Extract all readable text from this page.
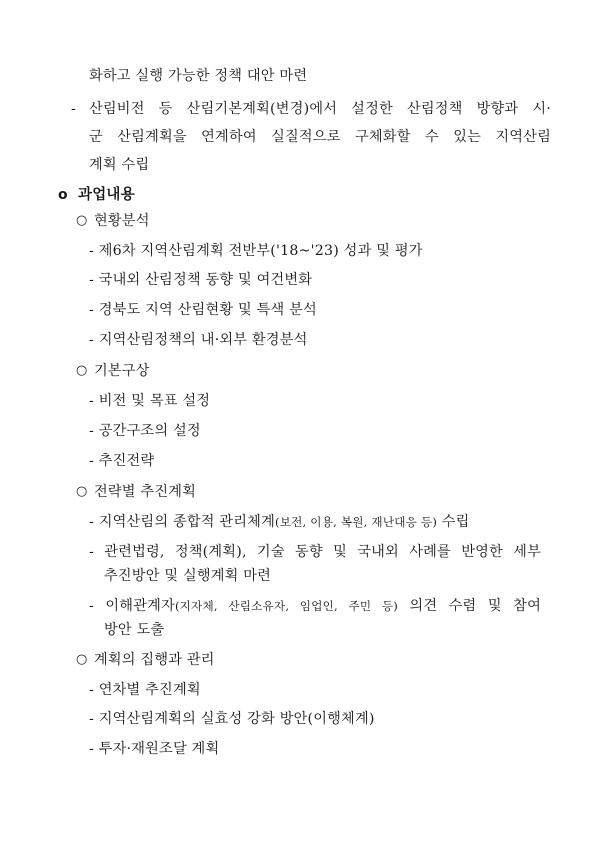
화하고 실행 가능한 정책 대안 마련
- 산림비전 등 산림기본계획(변경)에서 설정한 산림정책 방향과 시·
군 산림계획을 연계하여 실질적으로 구체화할 수 있는 지역산림
계획 수립
o 과업내용
○ 현황분석
- 제6차 지역산림계획 전반부('18~'23) 성과 및 평가
- 국내외 산림정책 동향 및 여건변화
- 경북도 지역 산림현황 및 특색 분석
- 지역산림정책의 내·외부 환경분석
○ 기본구상
- 비전 및 목표 설정
- 공간구조의 설정
- 추진전략
○ 전략별 추진계획
- 지역산림의 종합적 관리체계(보전, 이용, 복원, 재난대응 등) 수립
- 관련법령, 정책(계획), 기술 동향 및 국내외 사례를 반영한 세부
추진방안 및 실행계획 마련
- 이해관계자(지자체, 산림소유자, 임업인, 주민 등) 의견 수렴 및 참여
방안 도출
○ 계획의 집행과 관리
- 연차별 추진계획
- 지역산림계획의 실효성 강화 방안(이행체계)
- 투자·재원조달 계획
